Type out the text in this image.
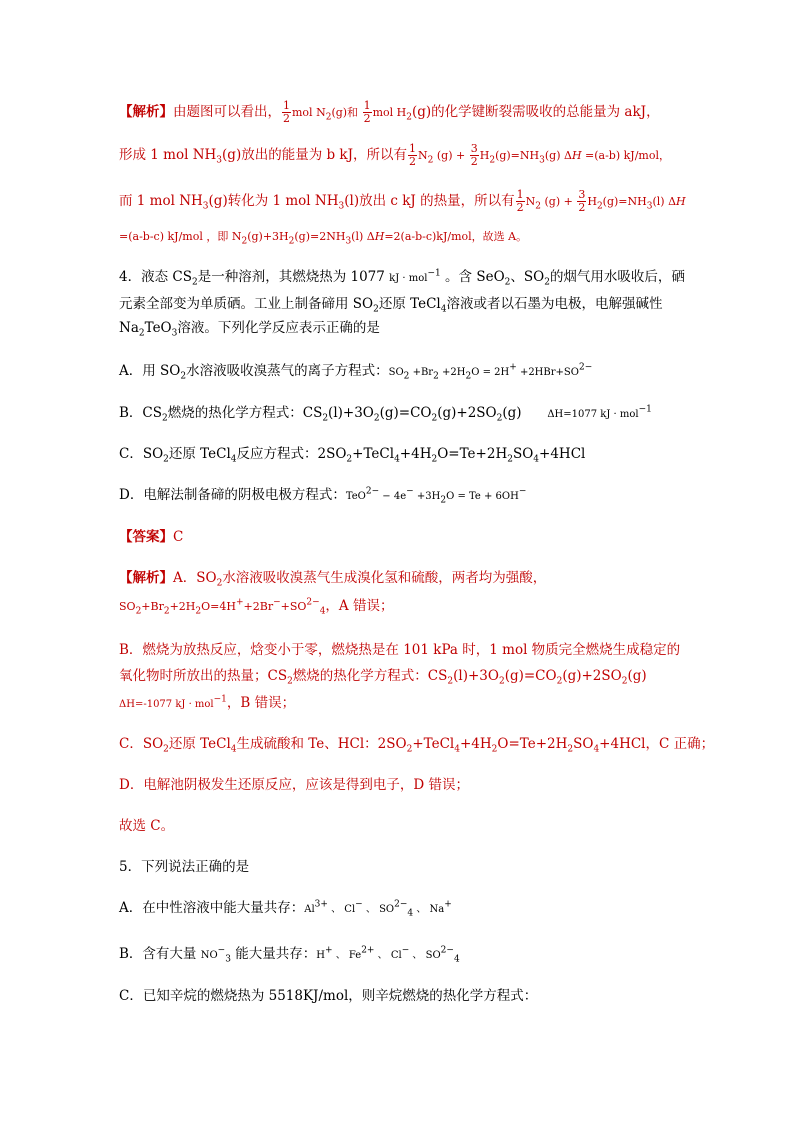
【解析】由题图可以看出， $\frac{1}{2}$ mol $N_2(g)$和 $\frac{1}{2}$ mol $H_2(g)$的化学键断裂需吸收的总能量为 akJ，
形成 1 mol $NH_3(g)$放出的能量为 b kJ，所以有 $\frac{1}{2} N_2$ $(g) + \frac{3}{2} H_2(g)=NH_3(g)$ ΔH =(a-b) kJ/mol，
而 1 mol $NH_3(g)$转化为 1 mol $NH_3(l)$放出 c kJ 的热量，所以有 $\frac{1}{2} N_2$ $(g) + \frac{3}{2} H_2(g)=NH_3(l)$ ΔH
=(a-b-c) kJ/mol ，即 $N_2(g)+3H_2(g)=2NH_3(l)$ ΔH=2(a-b-c)kJ/mol，故选 A。
4．液态 $CS_2$是一种溶剂，其燃烧热为 1077 kJ · mol$^{-1}$ 。含 SeO$_2$、$SO_2$的烟气用水吸收后，硒
元素全部变为单质硒。工业上制备碲用 $SO_2$还原 TeCl$_4$溶液或者以石墨为电极，电解强碱性
$Na_2TeO_3$溶液。下列化学反应表示正确的是
A．用 $SO_2$水溶液吸收溴蒸气的离子方程式：$SO_2 +Br_2 +2H_2O = 2H^+ +2HBr+SO^{2-}$
B．$CS_2$燃烧的热化学方程式：$CS_2(l)+3O_2(g)=CO_2(g)+2SO_2(g)$	ΔH=1077 kJ · mol$^{-1}$
C．$SO_2$还原 TeCl$_4$反应方程式：$2SO_2+TeCl_4+4H_2O=Te+2H_2SO_4+4HCl$
D．电解法制备碲的阴极电极方程式：$TeO^{2-} - 4e^- +3H_2O = Te + 6OH^-$
【答案】C
【解析】A．$SO_2$水溶液吸收溴蒸气生成溴化氢和硫酸，两者均为强酸，
$SO_2+Br_2+2H_2O=4H^++2Br^-+SO^{2-}_4$，A 错误；
B．燃烧为放热反应，焓变小于零，燃烧热是在 101 kPa 时，1 mol 物质完全燃烧生成稳定的
氧化物时所放出的热量；$CS_2$燃烧的热化学方程式：$CS_2(l)+3O_2(g)=CO_2(g)+2SO_2(g)$
ΔH=-1077 kJ · mol$^{-1}$，B 错误；
C．$SO_2$还原 TeCl$_4$生成硫酸和 Te、HCl：$2SO_2+TeCl_4+4H_2O=Te+2H_2SO_4+4HCl$，C 正确；
D．电解池阴极发生还原反应，应该是得到电子，D 错误；
故选 C。
5．下列说法正确的是
A．在中性溶液中能大量共存：$Al^{3+}$ 、 Cl− 、 $SO^{2-}_4$ 、 Na+
B．含有大量 $NO^-_3$ 能大量共存：H+ 、 $Fe^{2+}$ 、 Cl− 、 $SO^{2-}_4$
C．已知辛烷的燃烧热为 5518KJ/mol，则辛烷燃烧的热化学方程式：
